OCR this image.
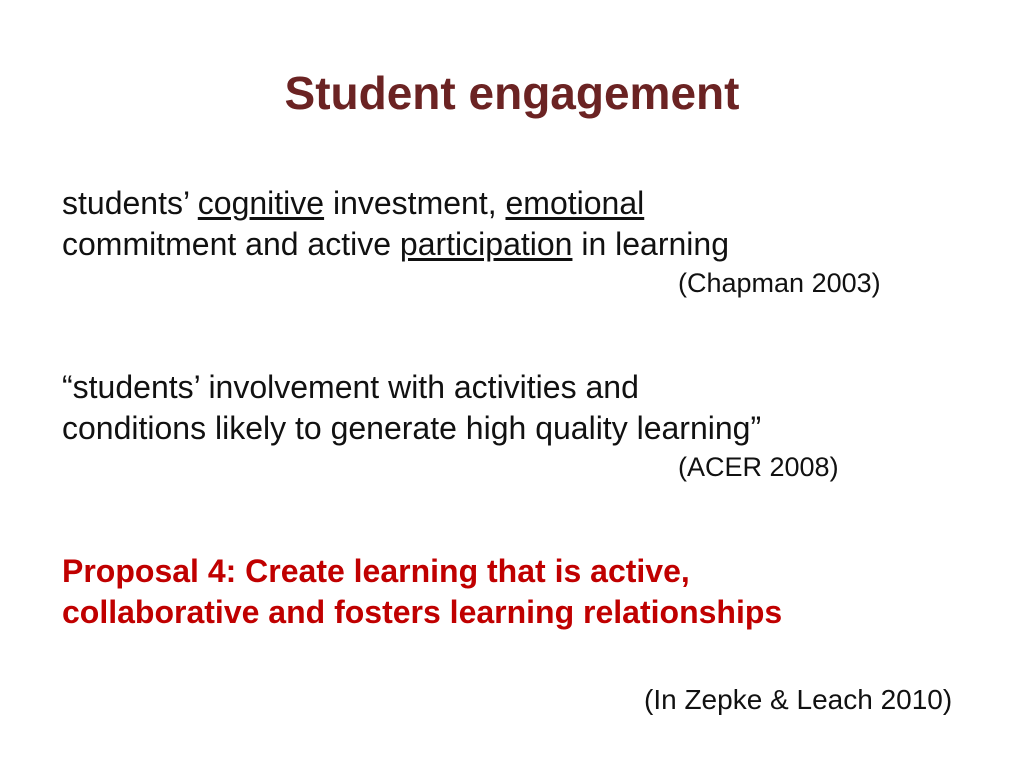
Student engagement
students’ cognitive investment, emotional
commitment and active participation in learning
(Chapman 2003)
“students’ involvement with activities and
conditions likely to generate high quality learning”
(ACER 2008)
Proposal 4: Create learning that is active,
collaborative and fosters learning relationships
(In Zepke & Leach 2010)
